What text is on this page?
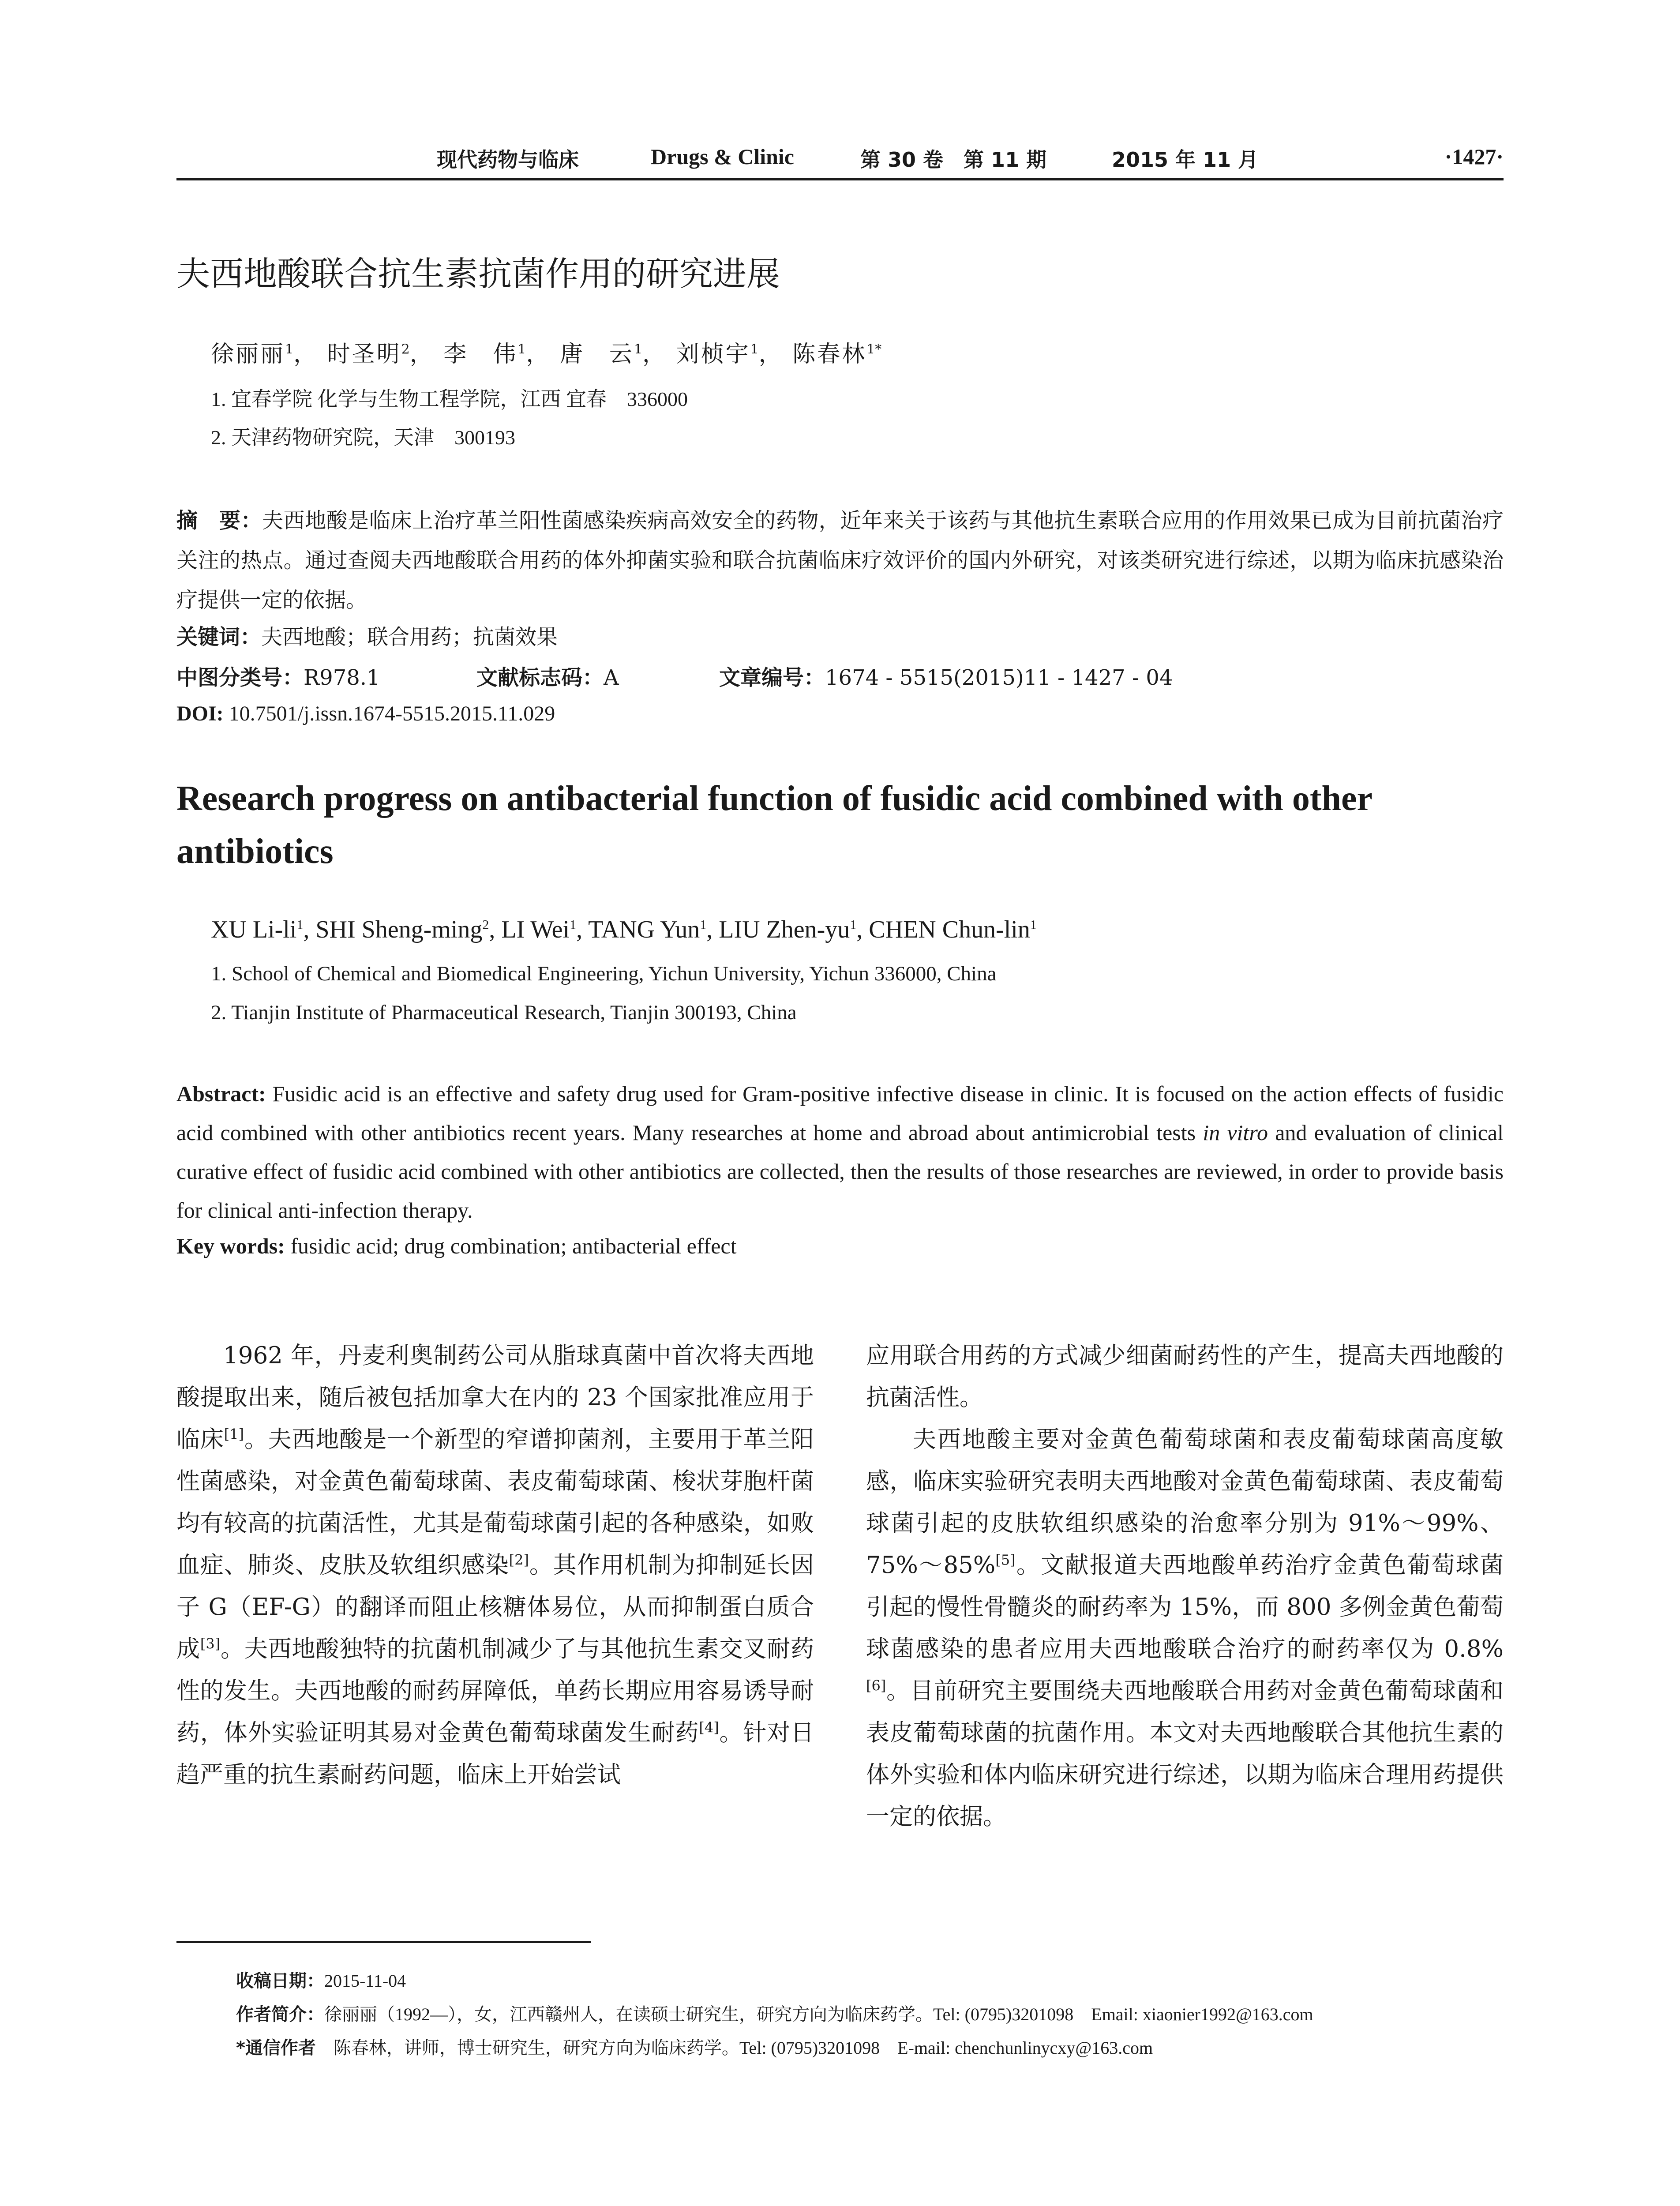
现代药物与临床	Drugs & Clinic	第 30 卷　第 11 期	2015 年 11 月	·1427·
夫西地酸联合抗生素抗菌作用的研究进展
徐丽丽$^1$， 时圣明$^2$， 李　伟$^1$， 唐　云$^1$， 刘桢宇$^1$， 陈春林$^{1*}$
1. 宜春学院 化学与生物工程学院，江西 宜春　336000
2. 天津药物研究院，天津　300193
摘　要：夫西地酸是临床上治疗革兰阳性菌感染疾病高效安全的药物，近年来关于该药与其他抗生素联合应用的作用效果已成为目前抗菌治疗关注的热点。通过查阅夫西地酸联合用药的体外抑菌实验和联合抗菌临床疗效评价的国内外研究，对该类研究进行综述，以期为临床抗感染治疗提供一定的依据。
关键词：夫西地酸；联合用药；抗菌效果
中图分类号：R978.1	文献标志码：A	文章编号：1674 - 5515(2015)11 - 1427 - 04
DOI: 10.7501/j.issn.1674-5515.2015.11.029
Research progress on antibacterial function of fusidic acid combined with other antibiotics
XU $Li-li^1$, SHI Sheng-ming$^2$, LI Wei$^1$, TANG Yun$^1$, LIU Zhen-$yu^1$, CHEN Chun-lin$^1$
1. School of Chemical and Biomedical Engineering, Yichun University, Yichun 336000, China
2. Tianjin Institute of Pharmaceutical Research, Tianjin 300193, China
Abstract: Fusidic acid is an effective and safety drug used for Gram-positive infective disease in clinic. It is focused on the action effects of fusidic acid combined with other antibiotics recent years. Many researches at home and abroad about antimicrobial tests in vitro and evaluation of clinical curative effect of fusidic acid combined with other antibiotics are collected, then the results of those researches are reviewed, in order to provide basis for clinical anti-infection therapy.
Key words: fusidic acid; drug combination; antibacterial effect

1962 年，丹麦利奥制药公司从脂球真菌中首次将夫西地酸提取出来，随后被包括加拿大在内的 23 个国家批准应用于临床[1]。夫西地酸是一个新型的窄谱抑菌剂，主要用于革兰阳性菌感染，对金黄色葡萄球菌、表皮葡萄球菌、梭状芽胞杆菌均有较高的抗菌活性，尤其是葡萄球菌引起的各种感染，如败血症、肺炎、皮肤及软组织感染[2]。其作用机制为抑制延长因子 G（EF-G）的翻译而阻止核糖体易位，从而抑制蛋白质合成[3]。夫西地酸独特的抗菌机制减少了与其他抗生素交叉耐药性的发生。夫西地酸的耐药屏障低，单药长期应用容易诱导耐药，体外实验证明其易对金黄色葡萄球菌发生耐药[4]。针对日趋严重的抗生素耐药问题，临床上开始尝试

应用联合用药的方式减少细菌耐药性的产生，提高夫西地酸的抗菌活性。

夫西地酸主要对金黄色葡萄球菌和表皮葡萄球菌高度敏感，临床实验研究表明夫西地酸对金黄色葡萄球菌、表皮葡萄球菌引起的皮肤软组织感染的治愈率分别为 91%～99%、75%～85%[5]。文献报道夫西地酸单药治疗金黄色葡萄球菌引起的慢性骨髓炎的耐药率为 15%，而 800 多例金黄色葡萄球菌感染的患者应用夫西地酸联合治疗的耐药率仅为 0.8%[6]。目前研究主要围绕夫西地酸联合用药对金黄色葡萄球菌和表皮葡萄球菌的抗菌作用。本文对夫西地酸联合其他抗生素的体外实验和体内临床研究进行综述，以期为临床合理用药提供一定的依据。

收稿日期：2015-11-04
作者简介：徐丽丽（1992—），女，江西赣州人，在读硕士研究生，研究方向为临床药学。Tel: (0795)3201098　Email: xiaonier1992@163.com
*通信作者　 陈春林，讲师，博士研究生，研究方向为临床药学。Tel: (0795)3201098　E-mail: chenchunlinycxy@163.com
